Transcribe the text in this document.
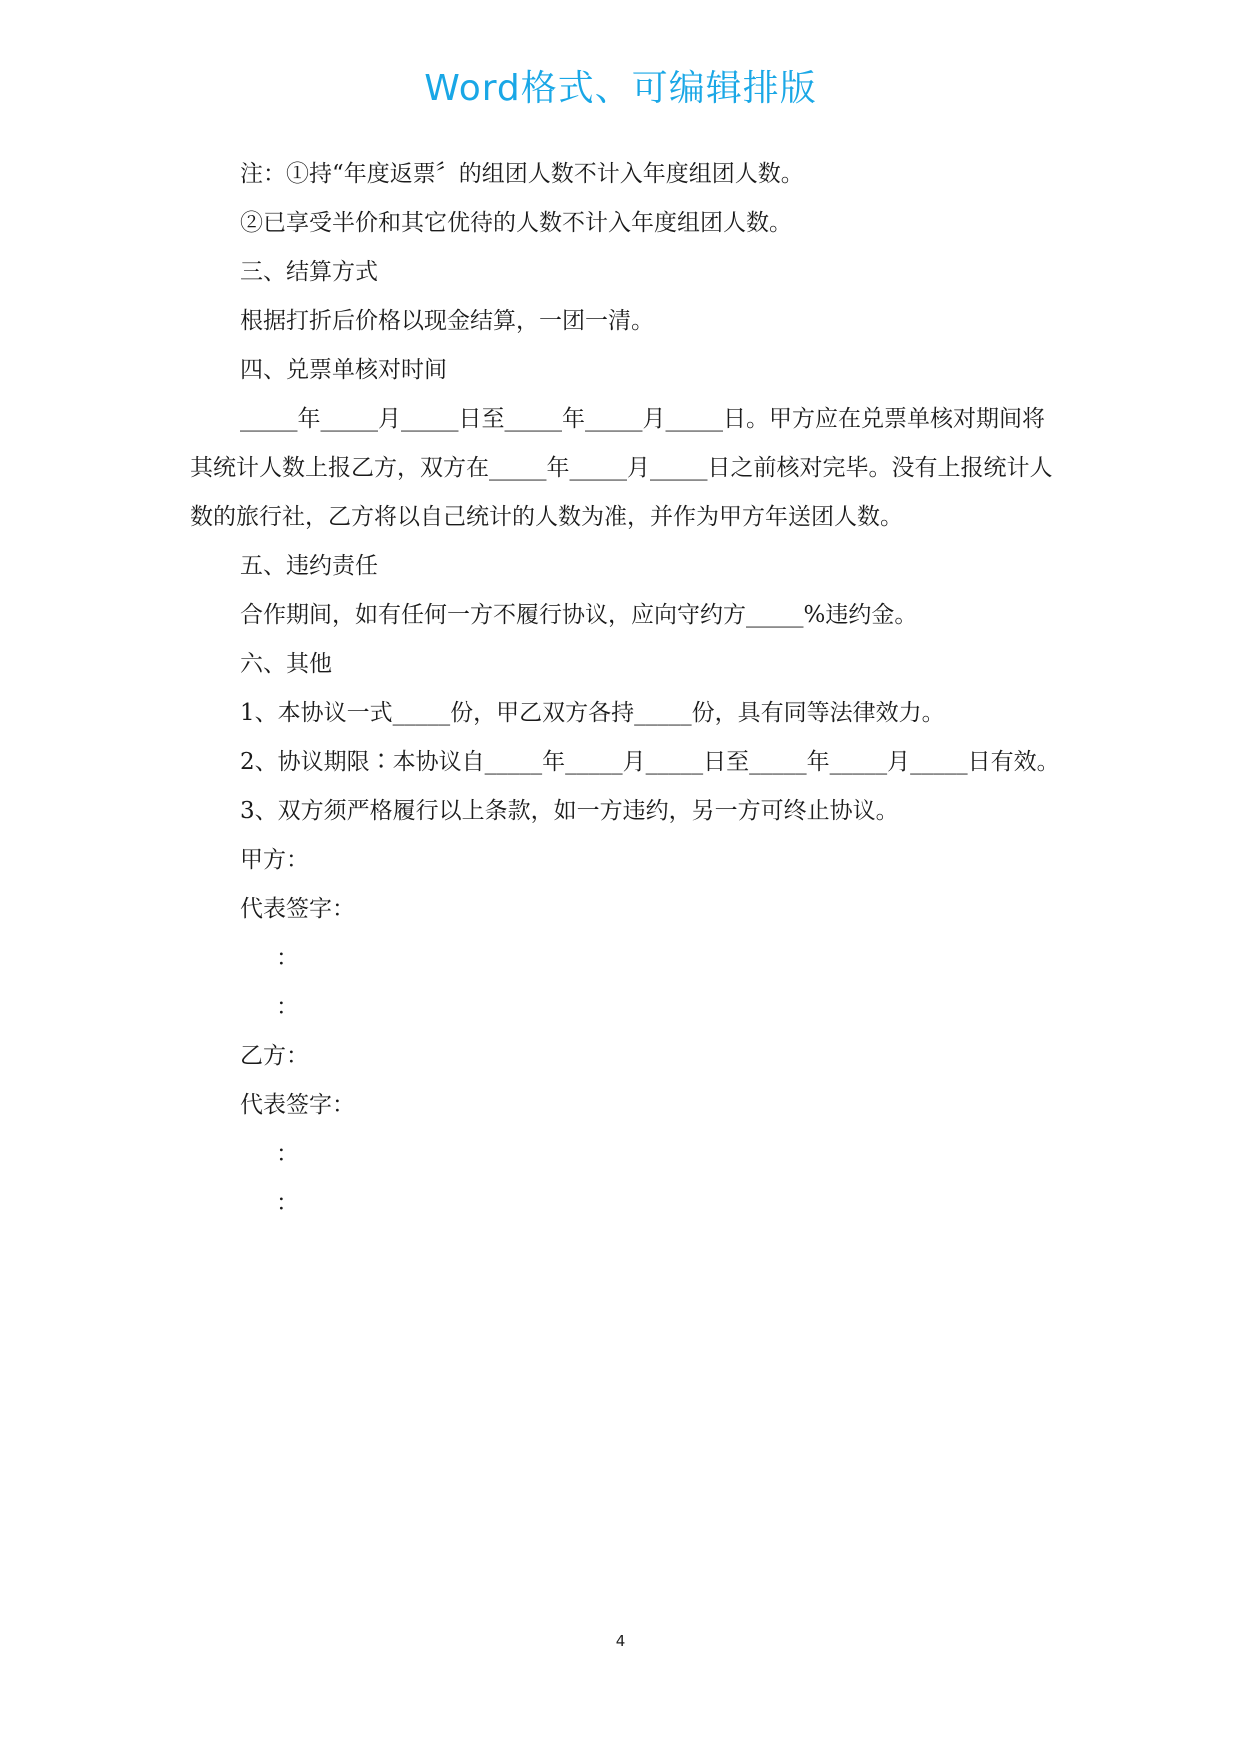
Word格式、可编辑排版

注：①持“年度返票〞的组团人数不计入年度组团人数。

②已享受半价和其它优待的人数不计入年度组团人数。

三、结算方式

根据打折后价格以现金结算，一团一清。

四、兑票单核对时间

_____年_____月_____日至_____年_____月_____日。甲方应在兑票单核对期间将其统计人数上报乙方，双方在_____年_____月_____日之前核对完毕。没有上报统计人数的旅行社，乙方将以自己统计的人数为准，并作为甲方年送团人数。

五、违约责任

合作期间，如有任何一方不履行协议，应向守约方_____%违约金。

六、其他

1、本协议一式_____份，甲乙双方各持_____份，具有同等法律效力。

2、协议期限∶本协议自_____年_____月_____日至_____年_____月_____日有效。

3、双方须严格履行以上条款，如一方违约，另一方可终止协议。

甲方：

代表签字：

：

：

乙方：

代表签字：

：

：

4
